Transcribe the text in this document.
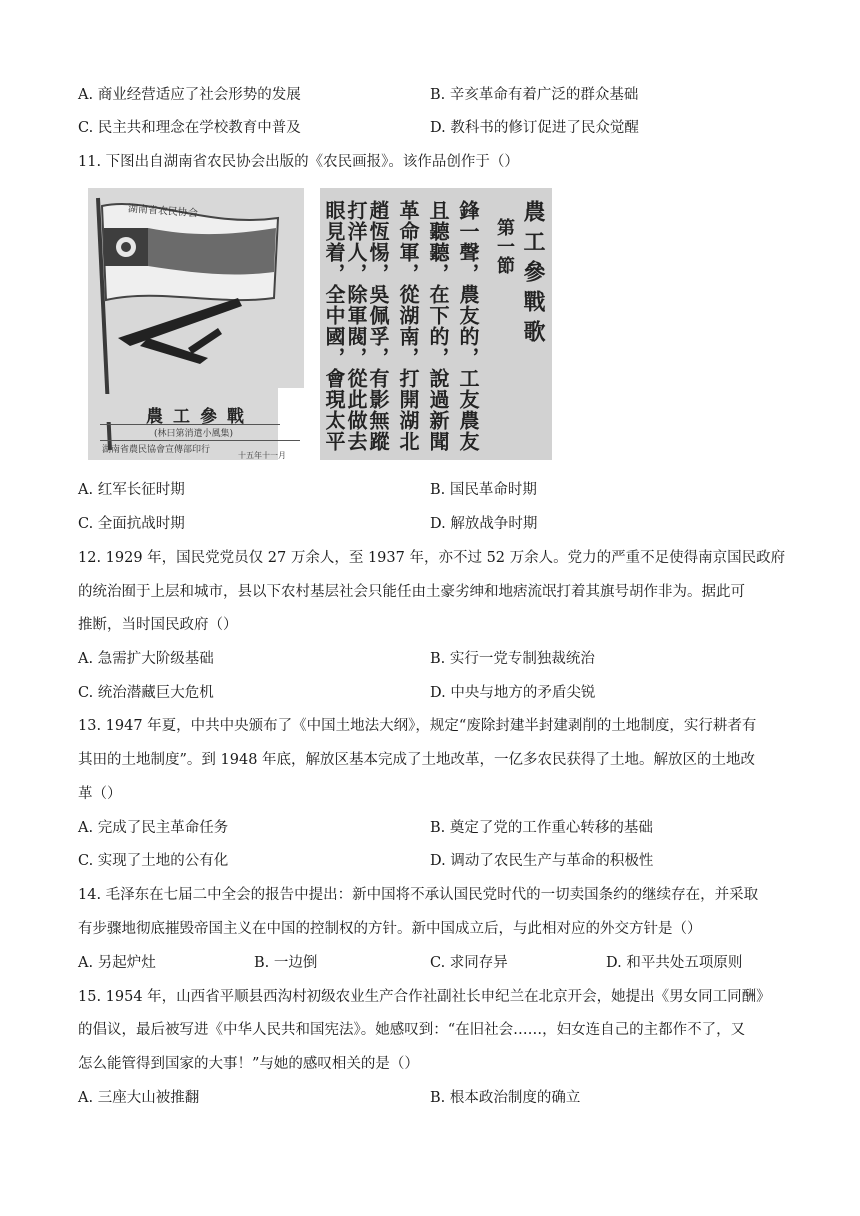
A. 商业经营适应了社会形势的发展	B. 辛亥革命有着广泛的群众基础
C. 民主共和理念在学校教育中普及	D. 教科书的修订促进了民众觉醒
11. 下图出自湖南省农民协会出版的《农民画报》。该作品创作于（）
湖南省农民协会
農工參戰
(林曰第消遣小風集)
湖南省農民協會宣傳部印行
十五年十一月
農工參戰歌
第一節
鋒一聲，農友的，工友農友
且聽聽，在下的，說過新聞
革命軍，從湖南，打開湖北
趙恆惕，吳佩孚，有影無蹤
打洋人，除軍閥，從此做去
眼見着，全中國，會現太平
A. 红军长征时期	B. 国民革命时期
C. 全面抗战时期	D. 解放战争时期
12. 1929 年，国民党党员仅 27 万余人，至 1937 年，亦不过 52 万余人。党力的严重不足使得南京国民政府
的统治囿于上层和城市，县以下农村基层社会只能任由土豪劣绅和地痞流氓打着其旗号胡作非为。据此可
推断，当时国民政府（）
A. 急需扩大阶级基础	B. 实行一党专制独裁统治
C. 统治潜藏巨大危机	D. 中央与地方的矛盾尖锐
13. 1947 年夏，中共中央颁布了《中国土地法大纲》，规定“废除封建半封建剥削的土地制度，实行耕者有
其田的土地制度”。到 1948 年底，解放区基本完成了土地改革，一亿多农民获得了土地。解放区的土地改
革（）
A. 完成了民主革命任务	B. 奠定了党的工作重心转移的基础
C. 实现了土地的公有化	D. 调动了农民生产与革命的积极性
14. 毛泽东在七届二中全会的报告中提出：新中国将不承认国民党时代的一切卖国条约的继续存在，并采取
有步骤地彻底摧毁帝国主义在中国的控制权的方针。新中国成立后，与此相对应的外交方针是（）
A. 另起炉灶	B. 一边倒	C. 求同存异	D. 和平共处五项原则
15. 1954 年，山西省平顺县西沟村初级农业生产合作社副社长申纪兰在北京开会，她提出《男女同工同酬》
的倡议，最后被写进《中华人民共和国宪法》。她感叹到：“在旧社会……，妇女连自己的主都作不了，又
怎么能管得到国家的大事！”与她的感叹相关的是（）
A. 三座大山被推翻	B. 根本政治制度的确立
